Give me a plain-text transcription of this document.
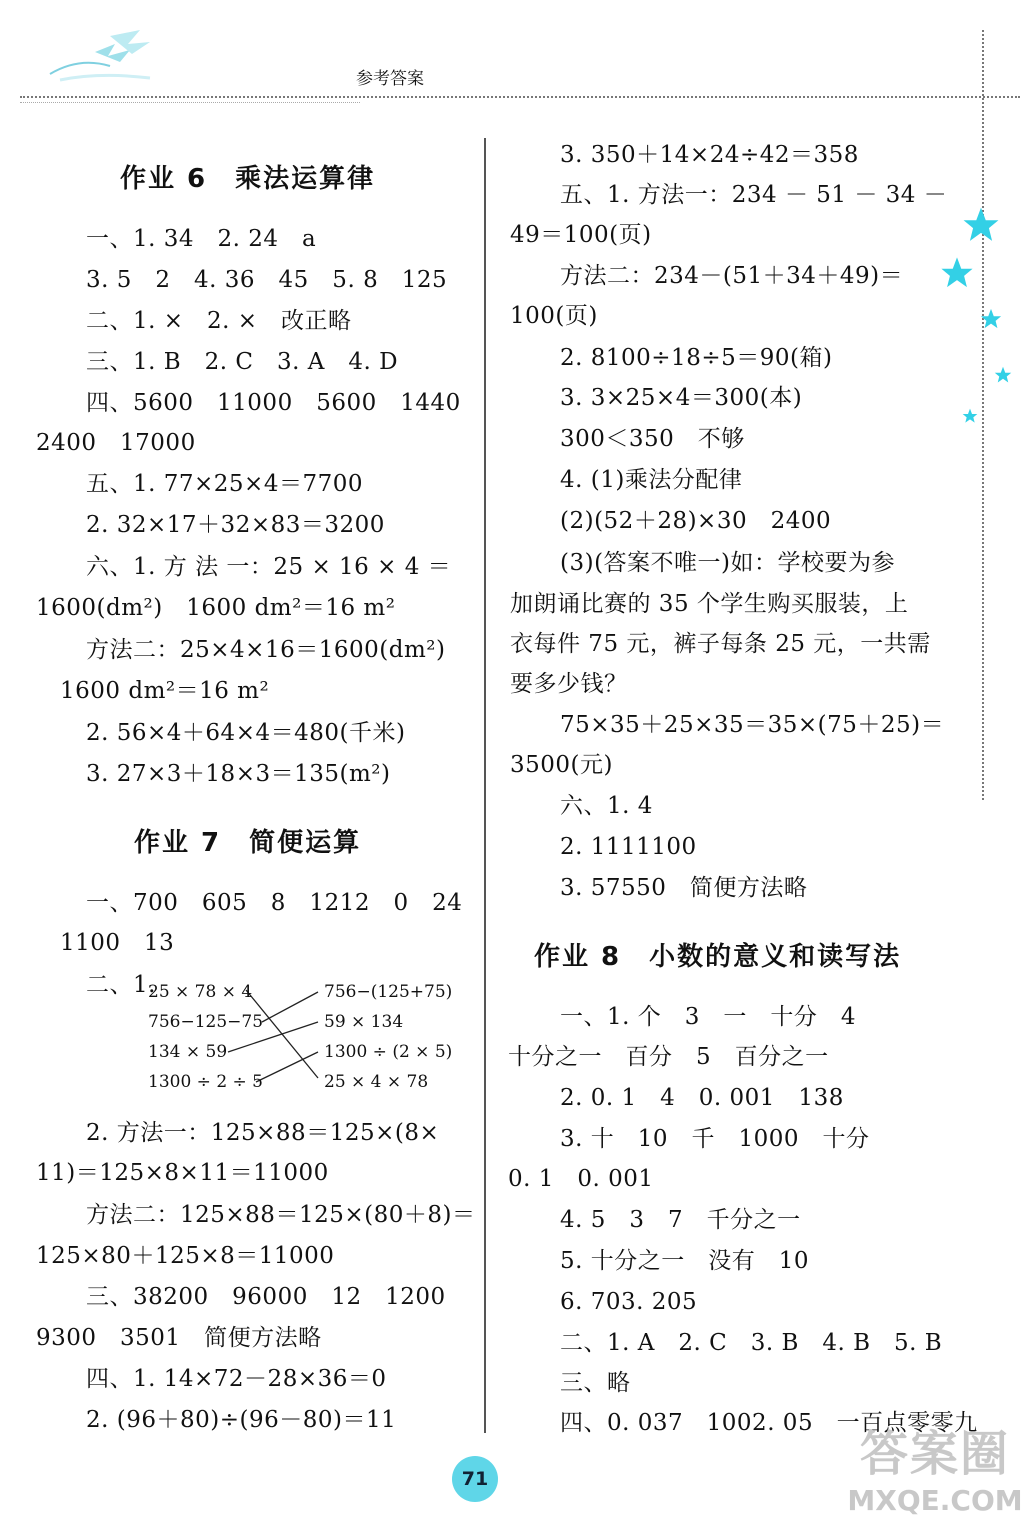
参考答案
作业 6　乘法运算律
一、1. 34　2. 24　a
3. 5　2　4. 36　45　5. 8　125
二、1. ×　2. ×　改正略
三、1. B　2. C　3. A　4. D
四、5600　11000　5600　1440
2400　17000
五、1. 77×25×4＝7700
2. 32×17＋32×83＝3200
六、1. 方 法 一：25 × 16 × 4 ＝
1600(dm²)　1600 dm²＝16 m²
方法二：25×4×16＝1600(dm²)
1600 dm²＝16 m²
2. 56×4＋64×4＝480(千米)
3. 27×3＋18×3＝135(m²)
作业 7　简便运算
一、700　605　8　1212　0　24
1100　13
二、1.
25 × 78 × 4
756−125−75
134 × 59
1300 ÷ 2 ÷ 5
756−(125+75)
59 × 134
1300 ÷ (2 × 5)
25 × 4 × 78
2. 方法一：125×88＝125×(8×
11)＝125×8×11＝11000
方法二：125×88＝125×(80＋8)＝
125×80＋125×8＝11000
三、38200　96000　12　1200
9300　3501　简便方法略
四、1. 14×72－28×36＝0
2. (96＋80)÷(96－80)＝11
3. 350＋14×24÷42＝358
五、1. 方法一：234 － 51 － 34 －
49＝100(页)
方法二：234－(51＋34＋49)＝
100(页)
2. 8100÷18÷5＝90(箱)
3. 3×25×4＝300(本)
300＜350　不够
4. (1)乘法分配律
(2)(52＋28)×30　2400
(3)(答案不唯一)如：学校要为参
加朗诵比赛的 35 个学生购买服装，上
衣每件 75 元，裤子每条 25 元，一共需
要多少钱？
75×35＋25×35＝35×(75＋25)＝
3500(元)
六、1. 4
2. 1111100
3. 57550　简便方法略
作业 8　小数的意义和读写法
一、1. 个　3　一　十分　4
十分之一　百分　5　百分之一
2. 0. 1　4　0. 001　138
3. 十　10　千　1000　十分
0. 1　0. 001
4. 5　3　7　千分之一
5. 十分之一　没有　10
6. 703. 205
二、1. A　2. C　3. B　4. B　5. B
三、略
四、0. 037　1002. 05　一百点零零九
71	答案圈
MXQE.COM
